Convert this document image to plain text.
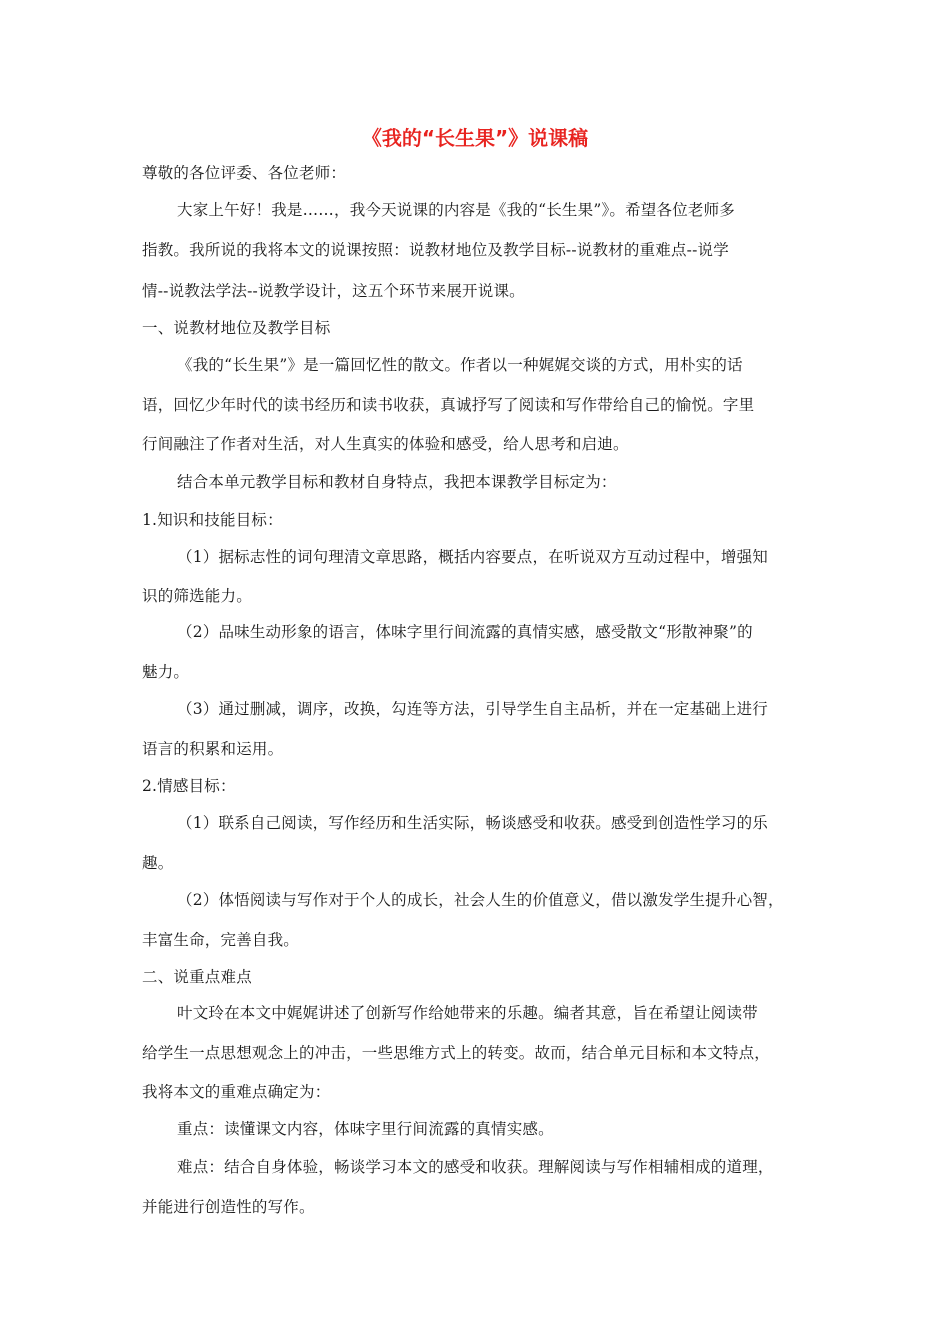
《我的“长生果”》说课稿
尊敬的各位评委、各位老师：
大家上午好！我是……，我今天说课的内容是《我的“长生果”》。希望各位老师多
指教。我所说的我将本文的说课按照：说教材地位及教学目标--说教材的重难点--说学
情--说教法学法--说教学设计，这五个环节来展开说课。
一、说教材地位及教学目标
《我的“长生果”》是一篇回忆性的散文。作者以一种娓娓交谈的方式，用朴实的话
语，回忆少年时代的读书经历和读书收获，真诚抒写了阅读和写作带给自己的愉悦。字里
行间融注了作者对生活，对人生真实的体验和感受，给人思考和启迪。
结合本单元教学目标和教材自身特点，我把本课教学目标定为：
1.知识和技能目标：
（1）据标志性的词句理清文章思路，概括内容要点，在听说双方互动过程中，增强知
识的筛选能力。
（2）品味生动形象的语言，体味字里行间流露的真情实感，感受散文“形散神聚”的
魅力。
（3）通过删减，调序，改换，勾连等方法，引导学生自主品析，并在一定基础上进行
语言的积累和运用。
2.情感目标：
（1）联系自己阅读，写作经历和生活实际，畅谈感受和收获。感受到创造性学习的乐
趣。
（2）体悟阅读与写作对于个人的成长，社会人生的价值意义，借以激发学生提升心智，
丰富生命，完善自我。
二、说重点难点
叶文玲在本文中娓娓讲述了创新写作给她带来的乐趣。编者其意，旨在希望让阅读带
给学生一点思想观念上的冲击，一些思维方式上的转变。故而，结合单元目标和本文特点，
我将本文的重难点确定为：
重点：读懂课文内容，体味字里行间流露的真情实感。
难点：结合自身体验，畅谈学习本文的感受和收获。理解阅读与写作相辅相成的道理，
并能进行创造性的写作。
